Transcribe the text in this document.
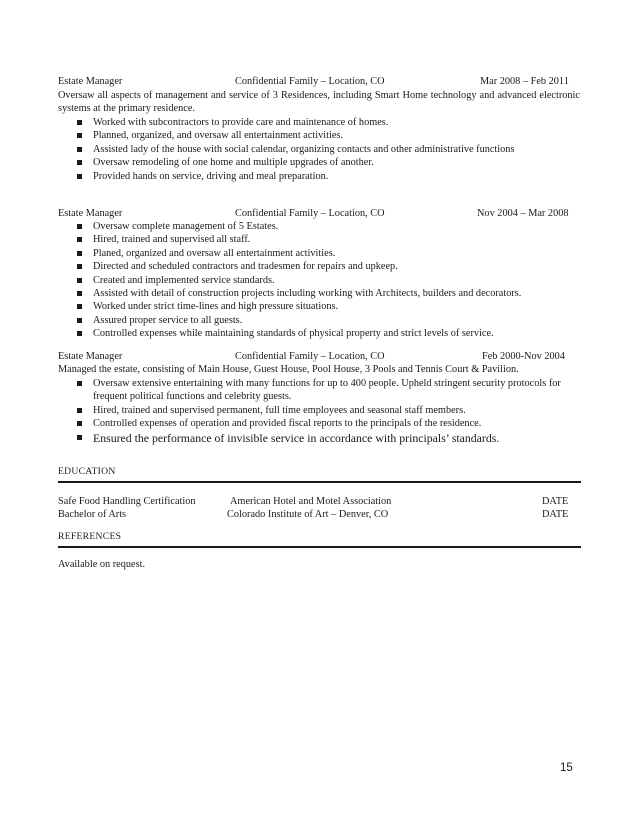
Estate Manager	Confidential Family – Location, CO	Mar 2008 – Feb 2011
Oversaw all aspects of management and service of 3 Residences, including Smart Home technology and advanced electronic systems at the primary residence.
Worked with subcontractors to provide care and maintenance of homes.
Planned, organized, and oversaw all entertainment activities.
Assisted lady of the house with social calendar, organizing contacts and other administrative functions
Oversaw remodeling of one home and multiple upgrades of another.
Provided hands on service, driving and meal preparation.
Estate Manager	Confidential Family – Location, CO	Nov 2004 – Mar 2008
Oversaw complete management of 5 Estates.
Hired, trained and supervised all staff.
Planed, organized and oversaw all entertainment activities.
Directed and scheduled contractors and tradesmen for repairs and upkeep.
Created and implemented service standards.
Assisted with detail of construction projects including working with Architects, builders and decorators.
Worked under strict time-lines and high pressure situations.
Assured proper service to all guests.
Controlled expenses while maintaining standards of physical property and strict levels of service.
Estate Manager	Confidential Family – Location, CO	Feb 2000-Nov 2004
Managed the estate, consisting of Main House, Guest House, Pool House, 3 Pools and Tennis Court & Pavilion.
Oversaw extensive entertaining with many functions for up to 400 people. Upheld stringent security protocols for frequent political functions and celebrity guests.
Hired, trained and supervised permanent, full time employees and seasonal staff members.
Controlled expenses of operation and provided fiscal reports to the principals of the residence.
Ensured the performance of invisible service in accordance with principals’ standards.
EDUCATION
Safe Food Handling Certification	American Hotel and Motel Association	DATE
Bachelor of Arts	Colorado Institute of Art – Denver, CO	DATE
REFERENCES
Available on request.
15
